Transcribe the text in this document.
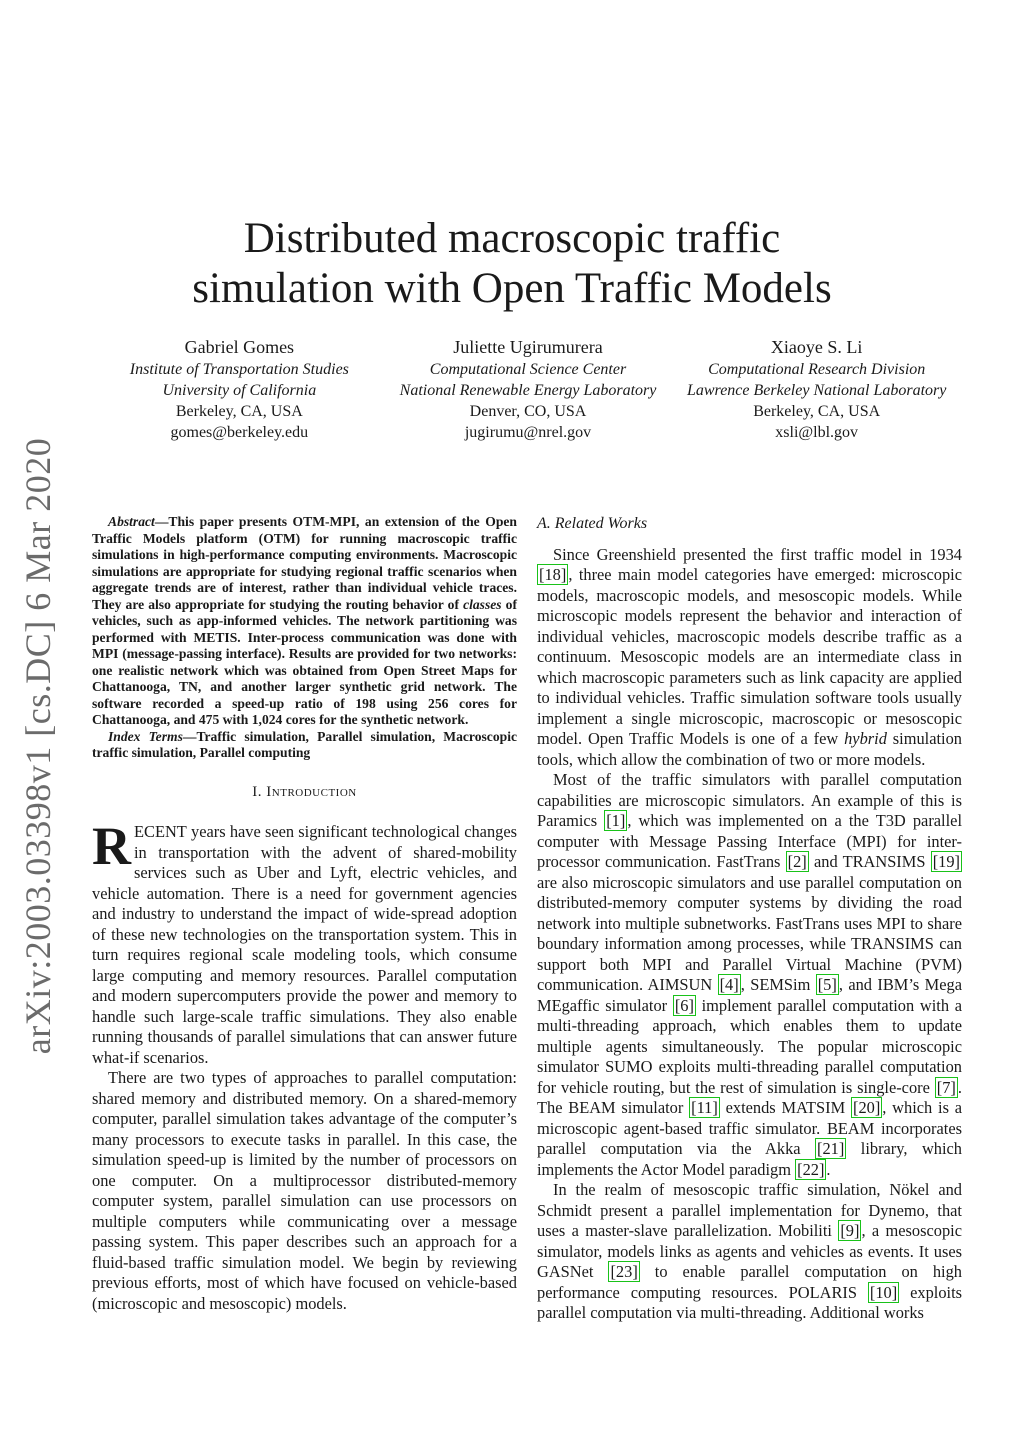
arXiv:2003.03398v1 [cs.DC] 6 Mar 2020
Distributed macroscopic traffic
simulation with Open Traffic Models
Gabriel Gomes
Institute of Transportation Studies
University of California
Berkeley, CA, USA
gomes@berkeley.edu
Juliette Ugirumurera
Computational Science Center
National Renewable Energy Laboratory
Denver, CO, USA
jugirumu@nrel.gov
Xiaoye S. Li
Computational Research Division
Lawrence Berkeley National Laboratory
Berkeley, CA, USA
xsli@lbl.gov

Abstract—This paper presents OTM-MPI, an extension of the Open Traffic Models platform (OTM) for running macroscopic traffic simulations in high-performance computing environments. Macroscopic simulations are appropriate for studying regional traffic scenarios when aggregate trends are of interest, rather than individual vehicle traces. They are also appropriate for studying the routing behavior of classes of vehicles, such as app-informed vehicles. The network partitioning was performed with METIS. Inter-process communication was done with MPI (message-passing interface). Results are provided for two networks: one realistic network which was obtained from Open Street Maps for Chattanooga, TN, and another larger synthetic grid network. The software recorded a speed-up ratio of 198 using 256 cores for Chattanooga, and 475 with 1,024 cores for the synthetic network.

Index Terms—Traffic simulation, Parallel simulation, Macroscopic traffic simulation, Parallel computing

I. Introduction

RECENT years have seen significant technological changes in transportation with the advent of shared-mobility services such as Uber and Lyft, electric vehicles, and vehicle automation. There is a need for government agencies and industry to understand the impact of wide-spread adoption of these new technologies on the transportation system. This in turn requires regional scale modeling tools, which consume large computing and memory resources. Parallel computation and modern supercomputers provide the power and memory to handle such large-scale traffic simulations. They also enable running thousands of parallel simulations that can answer future what-if scenarios.

There are two types of approaches to parallel computation: shared memory and distributed memory. On a shared-memory computer, parallel simulation takes advantage of the computer’s many processors to execute tasks in parallel. In this case, the simulation speed-up is limited by the number of processors on one computer. On a multiprocessor distributed-memory computer system, parallel simulation can use processors on multiple computers while communicating over a message passing system. This paper describes such an approach for a fluid-based traffic simulation model. We begin by reviewing previous efforts, most of which have focused on vehicle-based (microscopic and mesoscopic) models.

A. Related Works

Since Greenshield presented the first traffic model in 1934 [18] , three main model categories have emerged: microscopic models, macroscopic models, and mesoscopic models. While microscopic models represent the behavior and interaction of individual vehicles, macroscopic models describe traffic as a continuum. Mesoscopic models are an intermediate class in which macroscopic parameters such as link capacity are applied to individual vehicles. Traffic simulation software tools usually implement a single microscopic, macroscopic or mesoscopic model. Open Traffic Models is one of a few hybrid simulation tools, which allow the combination of two or more models.

Most of the traffic simulators with parallel computation capabilities are microscopic simulators. An example of this is Paramics [1] , which was implemented on a the T3D parallel computer with Message Passing Interface (MPI) for inter-processor communication. FastTrans [2] and TRANSIMS [19] are also microscopic simulators and use parallel computation on distributed-memory computer systems by dividing the road network into multiple subnetworks. FastTrans uses MPI to share boundary information among processes, while TRANSIMS can support both MPI and Parallel Virtual Machine (PVM) communication. AIMSUN [4] , SEMSim [5] , and IBM’s Mega MEgaffic simulator [6] implement parallel computation with a multi-threading approach, which enables them to update multiple agents simultaneously. The popular microscopic simulator SUMO exploits multi-threading parallel computation for vehicle routing, but the rest of simulation is single-core [7] . The BEAM simulator [11] extends MATSIM [20] , which is a microscopic agent-based traffic simulator. BEAM incorporates parallel computation via the Akka [21] library, which implements the Actor Model paradigm [22] .

In the realm of mesoscopic traffic simulation, Nökel and Schmidt present a parallel implementation for Dynemo, that uses a master-slave parallelization. Mobiliti [9] , a mesoscopic simulator, models links as agents and vehicles as events. It uses GASNet [23] to enable parallel computation on high performance computing resources. POLARIS [10] exploits parallel computation via multi-threading. Additional works
